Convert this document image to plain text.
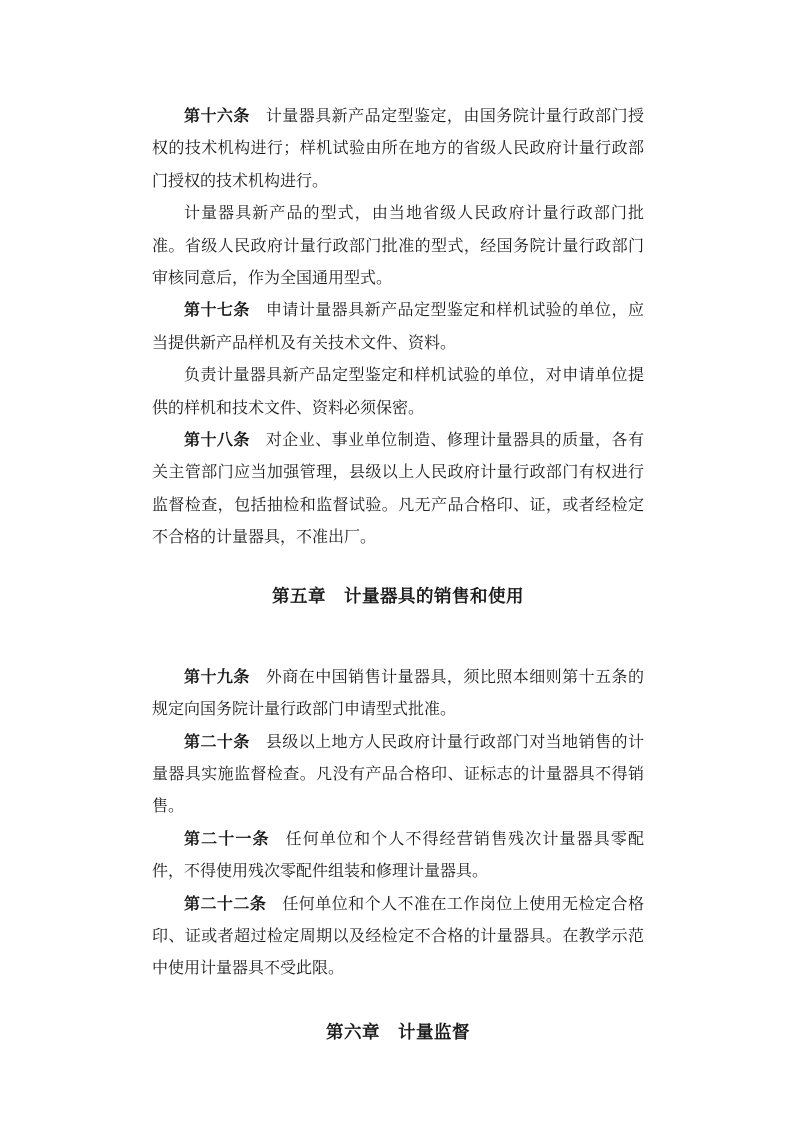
第十六条 计量器具新产品定型鉴定，由国务院计量行政部门授权的技术机构进行；样机试验由所在地方的省级人民政府计量行政部门授权的技术机构进行。

计量器具新产品的型式，由当地省级人民政府计量行政部门批准。省级人民政府计量行政部门批准的型式，经国务院计量行政部门审核同意后，作为全国通用型式。

第十七条 申请计量器具新产品定型鉴定和样机试验的单位，应当提供新产品样机及有关技术文件、资料。

负责计量器具新产品定型鉴定和样机试验的单位，对申请单位提供的样机和技术文件、资料必须保密。

第十八条 对企业、事业单位制造、修理计量器具的质量，各有关主管部门应当加强管理，县级以上人民政府计量行政部门有权进行监督检查，包括抽检和监督试验。凡无产品合格印、证，或者经检定不合格的计量器具，不准出厂。

第五章 计量器具的销售和使用

第十九条 外商在中国销售计量器具，须比照本细则第十五条的规定向国务院计量行政部门申请型式批准。

第二十条 县级以上地方人民政府计量行政部门对当地销售的计量器具实施监督检查。凡没有产品合格印、证标志的计量器具不得销售。

第二十一条 任何单位和个人不得经营销售残次计量器具零配件，不得使用残次零配件组装和修理计量器具。

第二十二条 任何单位和个人不准在工作岗位上使用无检定合格印、证或者超过检定周期以及经检定不合格的计量器具。在教学示范中使用计量器具不受此限。

第六章 计量监督
